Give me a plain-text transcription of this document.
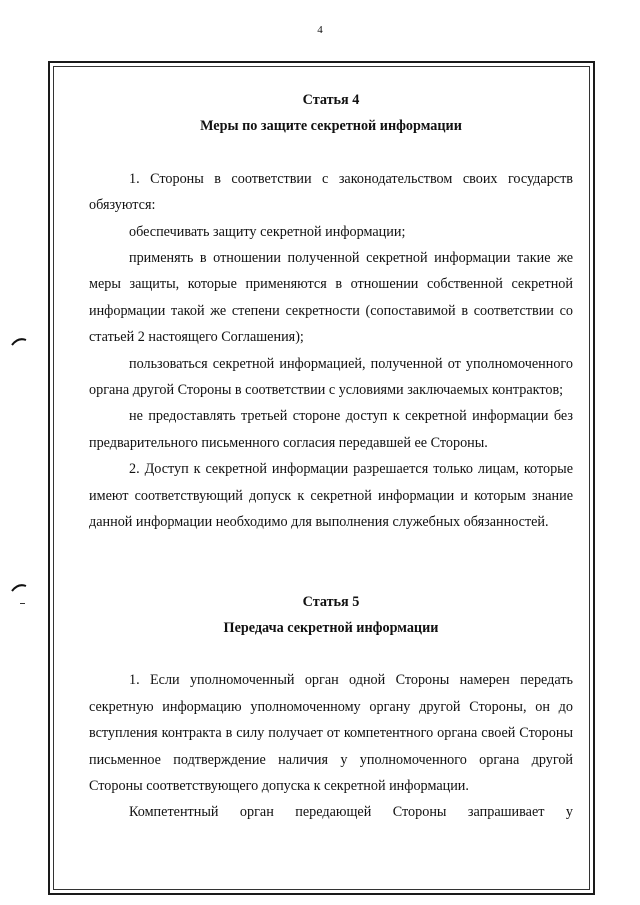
4

Статья 4

Меры по защите секретной информации

1. Стороны в соответствии с законодательством своих государств обязуются:

обеспечивать защиту секретной информации;

применять в отношении полученной секретной информации такие же меры защиты, которые применяются в отношении собственной секретной информации такой же степени секретности (сопоставимой в соответствии со статьей 2 настоящего Соглашения);

пользоваться секретной информацией, полученной от уполномоченного органа другой Стороны в соответствии с условиями заключаемых контрактов;

не предоставлять третьей стороне доступ к секретной информации без предварительного письменного согласия передавшей ее Стороны.

2. Доступ к секретной информации разрешается только лицам, которые имеют соответствующий допуск к секретной информации и которым знание данной информации необходимо для выполнения служебных обязанностей.

Статья 5

Передача секретной информации

1. Если уполномоченный орган одной Стороны намерен передать секретную информацию уполномоченному органу другой Стороны, он до вступления контракта в силу получает от компетентного органа своей Стороны письменное подтверждение наличия у уполномоченного органа другой Стороны соответствующего допуска к секретной информации.

Компетентный орган передающей Стороны запрашивает у
